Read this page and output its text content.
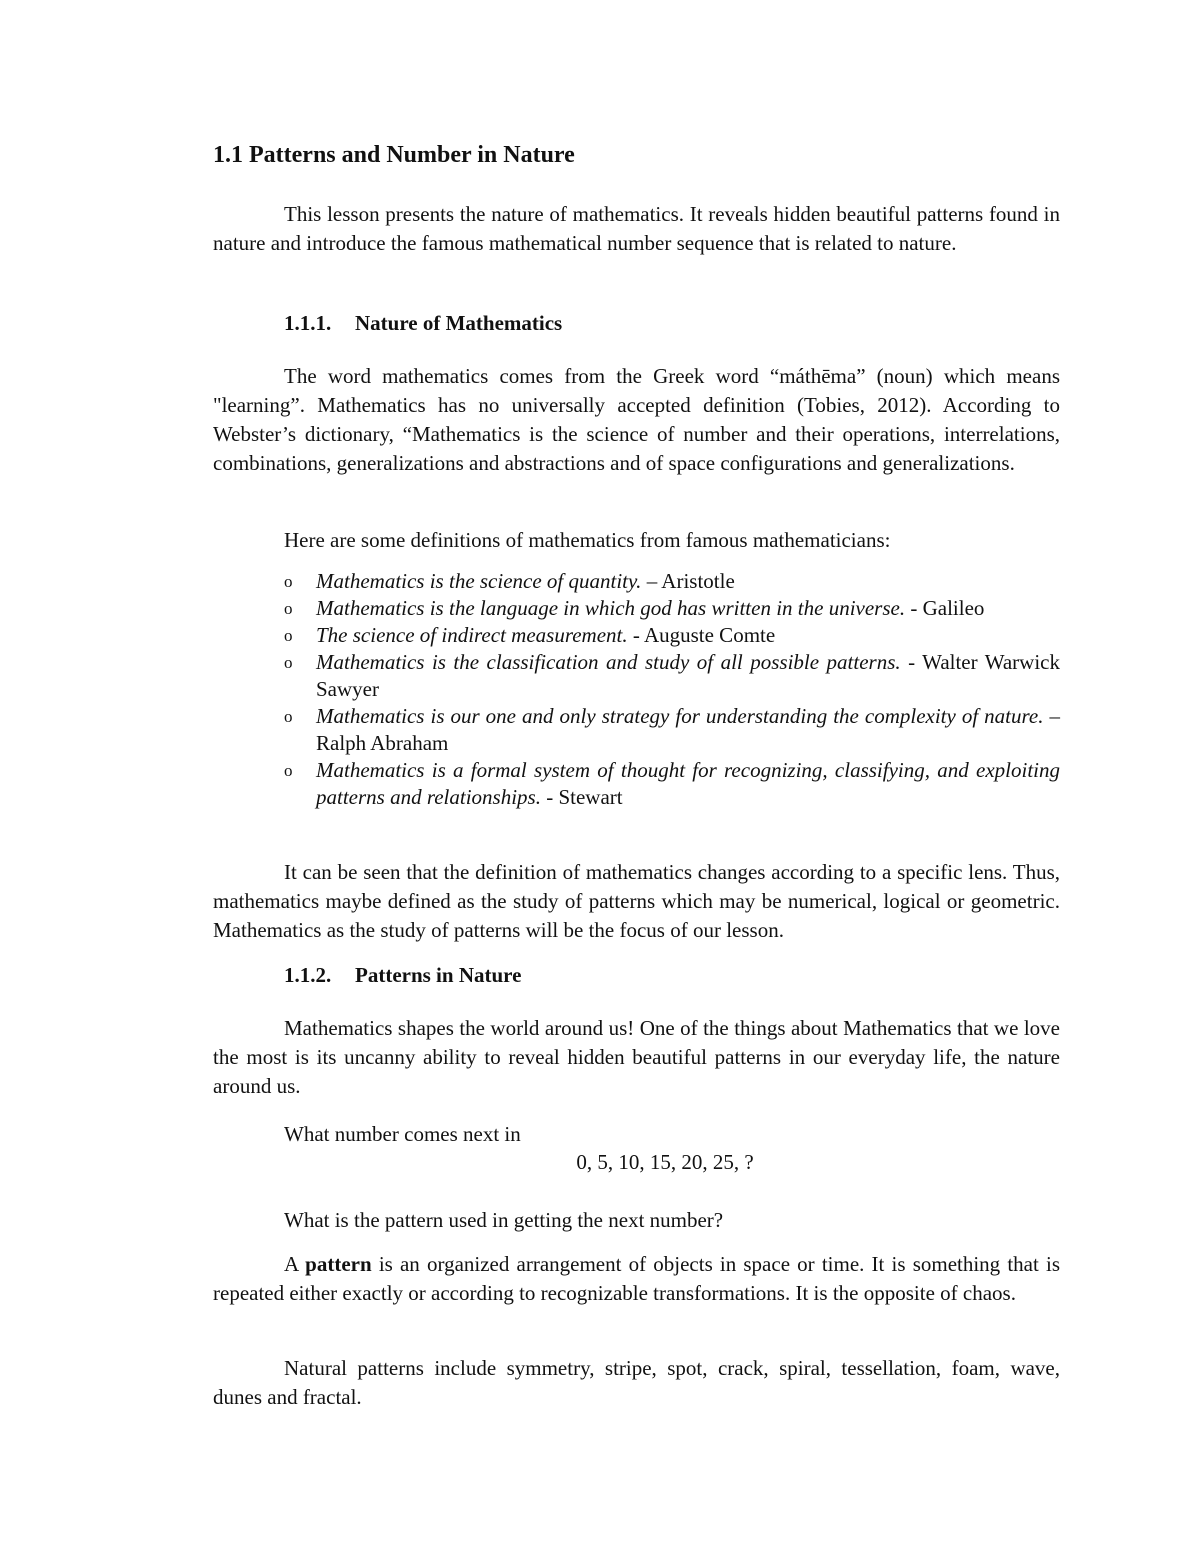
1.1 Patterns and Number in Nature

This lesson presents the nature of mathematics. It reveals hidden beautiful patterns found in nature and introduce the famous mathematical number sequence that is related to nature.

1.1.1. Nature of Mathematics

The word mathematics comes from the Greek word “máthēma” (noun) which means "learning”. Mathematics has no universally accepted definition (Tobies, 2012). According to Webster’s dictionary, “Mathematics is the science of number and their operations, interrelations, combinations, generalizations and abstractions and of space configurations and generalizations.

Here are some definitions of mathematics from famous mathematicians:

o Mathematics is the science of quantity. – Aristotle
o Mathematics is the language in which god has written in the universe. - Galileo
o The science of indirect measurement. - Auguste Comte
o Mathematics is the classification and study of all possible patterns. - Walter Warwick Sawyer
o Mathematics is our one and only strategy for understanding the complexity of nature. – Ralph Abraham
o Mathematics is a formal system of thought for recognizing, classifying, and exploiting patterns and relationships. - Stewart

It can be seen that the definition of mathematics changes according to a specific lens. Thus, mathematics maybe defined as the study of patterns which may be numerical, logical or geometric. Mathematics as the study of patterns will be the focus of our lesson.

1.1.2. Patterns in Nature

Mathematics shapes the world around us! One of the things about Mathematics that we love the most is its uncanny ability to reveal hidden beautiful patterns in our everyday life, the nature around us.

What number comes next in

0, 5, 10, 15, 20, 25, ?

What is the pattern used in getting the next number?

A pattern is an organized arrangement of objects in space or time. It is something that is repeated either exactly or according to recognizable transformations. It is the opposite of chaos.

Natural patterns include symmetry, stripe, spot, crack, spiral, tessellation, foam, wave, dunes and fractal.
